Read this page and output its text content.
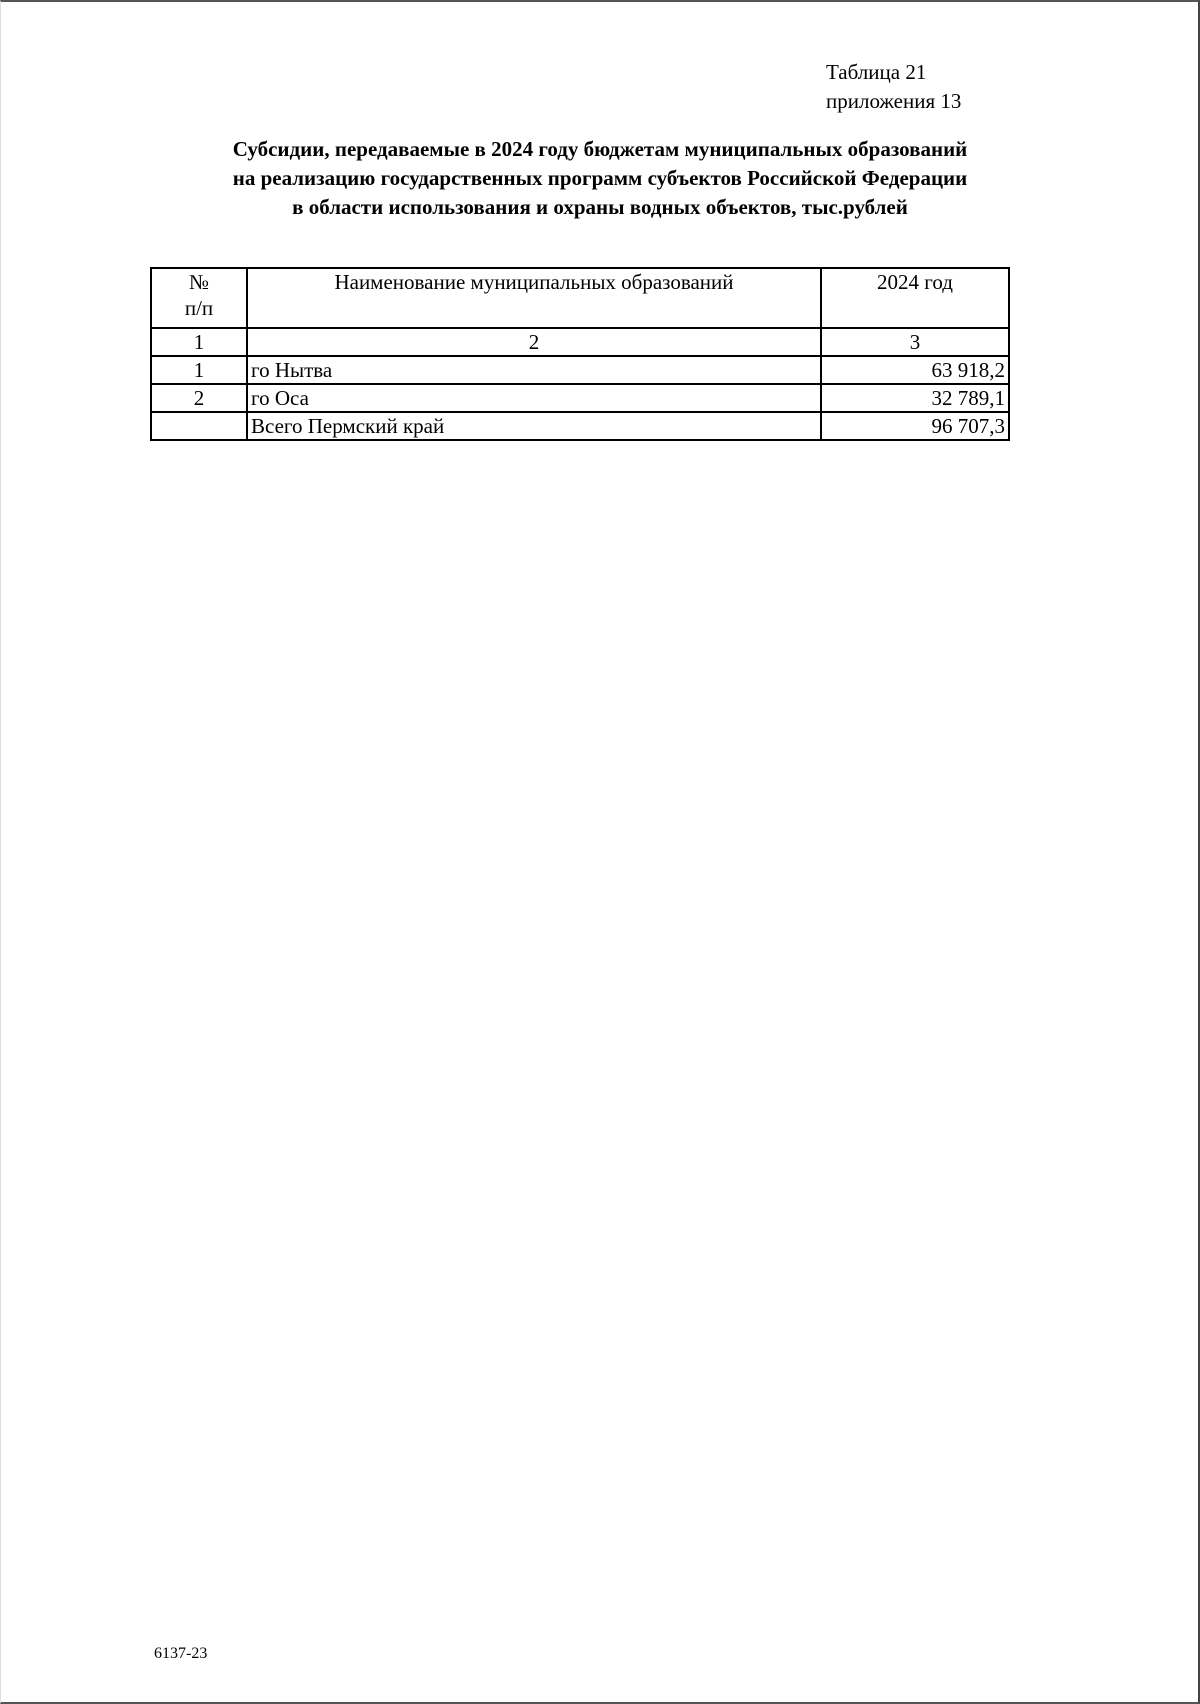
Таблица 21
приложения 13
Субсидии, передаваемые в 2024 году бюджетам муниципальных образований
на реализацию государственных программ субъектов Российской Федерации
в области использования и охраны водных объектов, тыс.рублей
№
п/п	Наименование муниципальных образований	2024 год
1	2	3
1	го Нытва	63 918,2
2	го Оса	32 789,1
	Всего Пермский край	96 707,3
6137-23
